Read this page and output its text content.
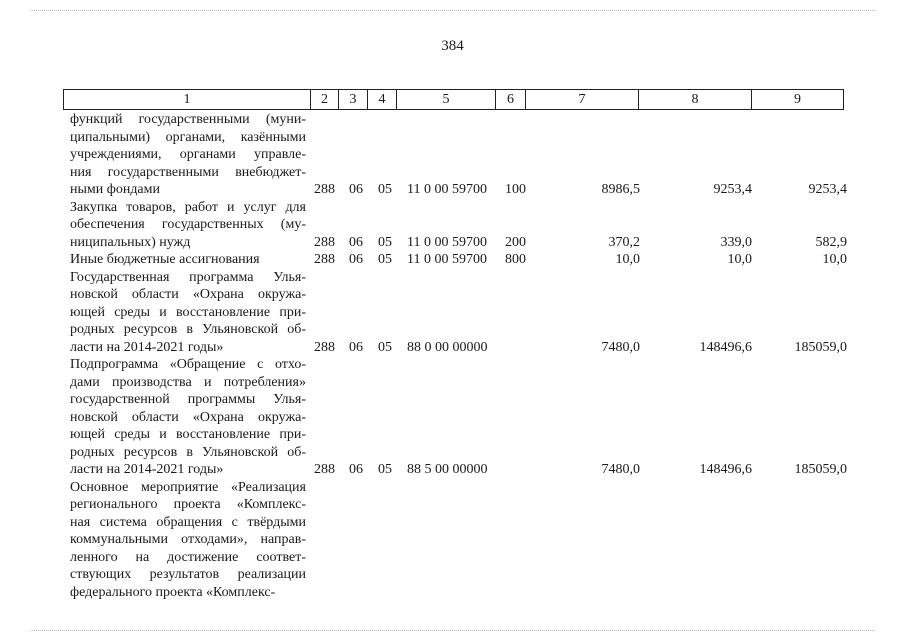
384
1	2	3	4	5	6	7	8	9
функций государственными (муни-
ципальными) органами, казёнными
учреждениями, органами управле-
ния государственными внебюджет-
ными фондами	288 06 05 11 0 00 59700 100	8986,5	9253,4	9253,4
Закупка товаров, работ и услуг для
обеспечения государственных (му-
ниципальных) нужд	288 06 05 11 0 00 59700 200	370,2	339,0	582,9
Иные бюджетные ассигнования	288 06 05 11 0 00 59700 800	10,0	10,0	10,0
Государственная программа Улья-
новской области «Охрана окружа-
ющей среды и восстановление при-
родных ресурсов в Ульяновской об-
ласти на 2014-2021 годы»	288 06 05 88 0 00 00000	7480,0	148496,6	185059,0
Подпрограмма «Обращение с отхо-
дами производства и потребления»
государственной программы Улья-
новской области «Охрана окружа-
ющей среды и восстановление при-
родных ресурсов в Ульяновской об-
ласти на 2014-2021 годы»	288 06 05 88 5 00 00000	7480,0	148496,6	185059,0
Основное мероприятие «Реализация
регионального проекта «Комплекс-
ная система обращения с твёрдыми
коммунальными отходами», направ-
ленного на достижение соответ-
ствующих результатов реализации
федерального проекта «Комплекс-
